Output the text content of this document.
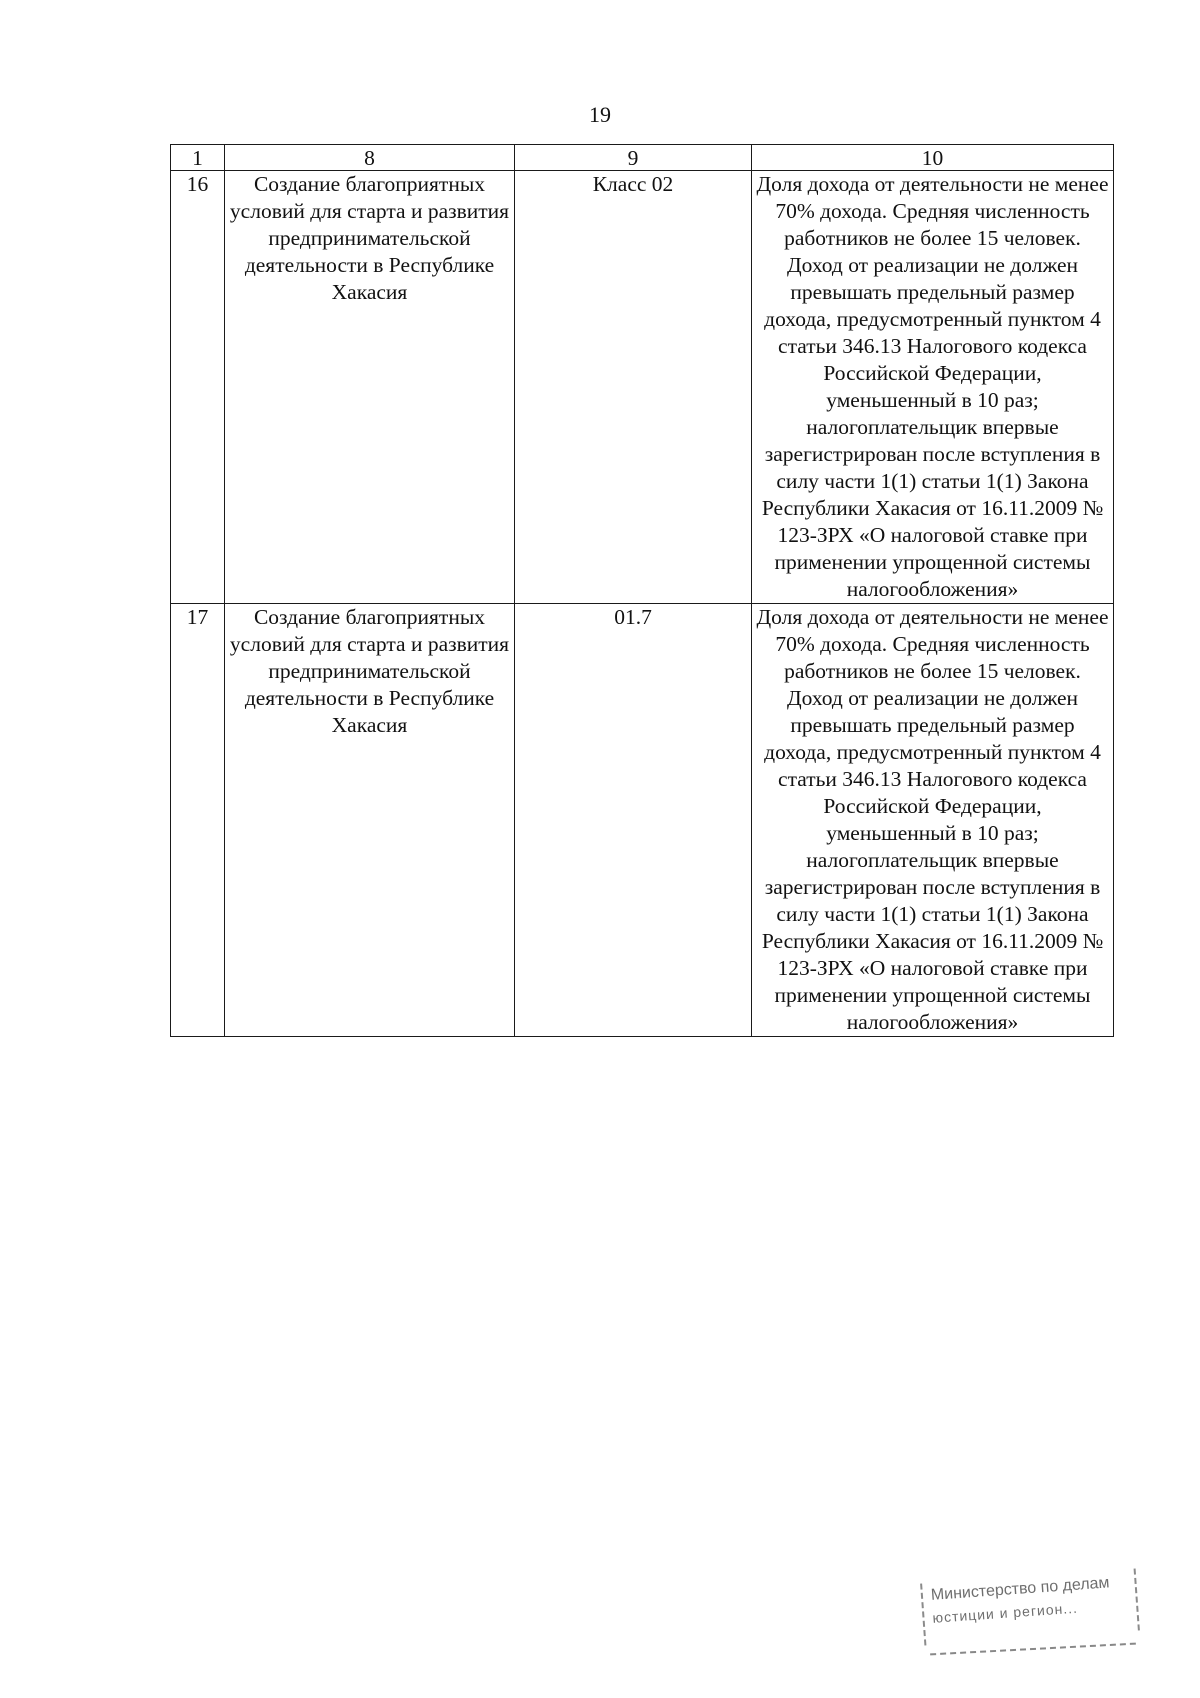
19
1	8	9	10
16	Создание благоприятных условий для старта и развития предпринимательской деятельности в Республике Хакасия	Класс 02	Доля дохода от деятельности не менее 70% дохода. Средняя численность работников не более 15 человек. Доход от реализации не должен превышать предельный размер дохода, предусмотренный пунктом 4 статьи 346.13 Налогового кодекса Российской Федерации, уменьшенный в 10 раз; налогоплательщик впервые зарегистрирован после вступления в силу части 1(1) статьи 1(1) Закона Республики Хакасия от 16.11.2009 № 123-ЗРХ «О налоговой ставке при применении упрощенной системы налогообложения»
17	Создание благоприятных условий для старта и развития предпринимательской деятельности в Республике Хакасия	01.7	Доля дохода от деятельности не менее 70% дохода. Средняя численность работников не более 15 человек. Доход от реализации не должен превышать предельный размер дохода, предусмотренный пунктом 4 статьи 346.13 Налогового кодекса Российской Федерации, уменьшенный в 10 раз; налогоплательщик впервые зарегистрирован после вступления в силу части 1(1) статьи 1(1) Закона Республики Хакасия от 16.11.2009 № 123-ЗРХ «О налоговой ставке при применении упрощенной системы налогообложения»
Министерство по делам
юстиции и регион...
